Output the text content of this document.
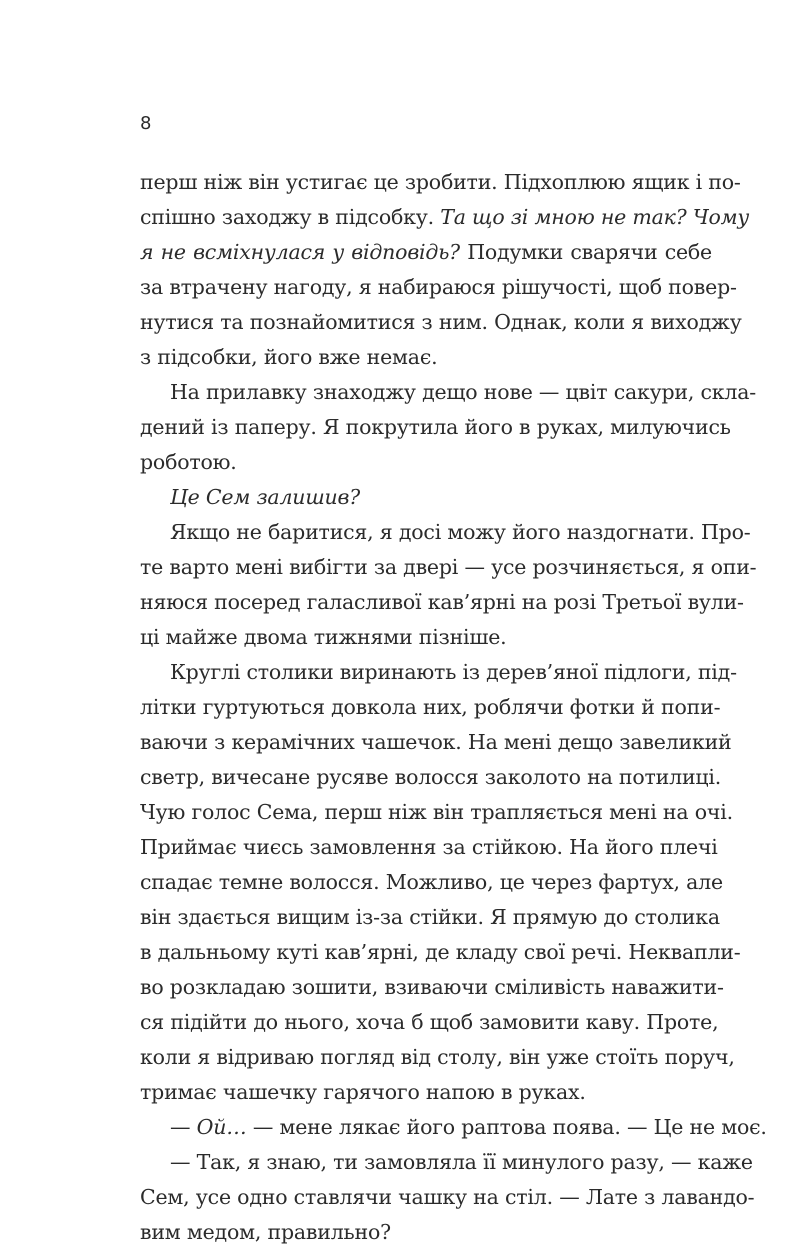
8
перш ніж він устигає це зробити. Підхоплюю ящик і по-
спішно заходжу в підсобку. Та що зі мною не так? Чому
я не всміхнулася у відповідь? Подумки сварячи себе
за втрачену нагоду, я набираюся рішучості, щоб повер-
нутися та познайомитися з ним. Однак, коли я виходжу
з підсобки, його вже немає.
На прилавку знаходжу дещо нове — цвіт сакури, скла-
дений із паперу. Я покрутила його в руках, милуючись
роботою.
Це Сем залишив?
Якщо не баритися, я досі можу його наздогнати. Про-
те варто мені вибігти за двері — усе розчиняється, я опи-
няюся посеред галасливої кав’ярні на розі Третьої вули-
ці майже двома тижнями пізніше.
Круглі столики виринають із дерев’яної підлоги, під-
літки гуртуються довкола них, роблячи фотки й попи-
ваючи з керамічних чашечок. На мені дещо завеликий
светр, вичесане русяве волосся заколото на потилиці.
Чую голос Сема, перш ніж він трапляється мені на очі.
Приймає чиєсь замовлення за стійкою. На його плечі
спадає темне волосся. Можливо, це через фартух, але
він здається вищим із-за стійки. Я прямую до столика
в дальньому куті кав’ярні, де кладу свої речі. Неквапли-
во розкладаю зошити, взиваючи сміливість наважити-
ся підійти до нього, хоча б щоб замовити каву. Проте,
коли я відриваю погляд від столу, він уже стоїть поруч,
тримає чашечку гарячого напою в руках.
— Ой… — мене лякає його раптова поява. — Це не моє.
— Так, я знаю, ти замовляла її минулого разу, — каже
Сем, усе одно ставлячи чашку на стіл. — Лате з лавандо-
вим медом, правильно?
